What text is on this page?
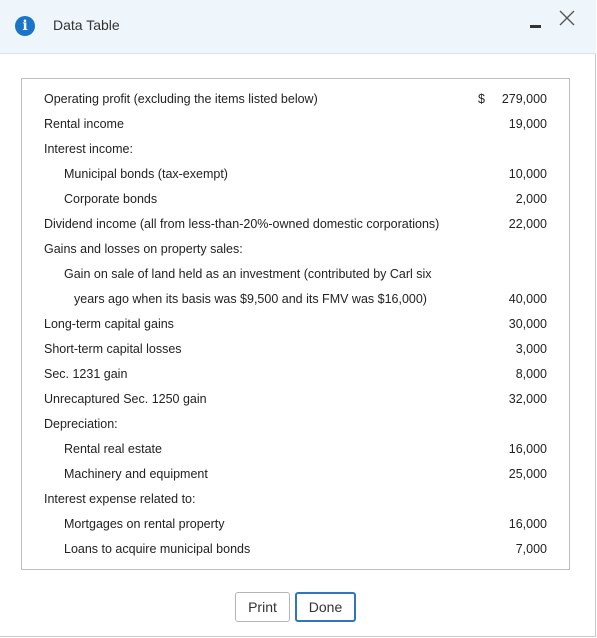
i	Data Table
Operating profit (excluding the items listed below)	$ 279,000
Rental income	19,000
Interest income:
Municipal bonds (tax-exempt)	10,000
Corporate bonds	2,000
Dividend income (all from less-than-20%-owned domestic corporations)	22,000
Gains and losses on property sales:
Gain on sale of land held as an investment (contributed by Carl six
years ago when its basis was $9,500 and its FMV was $16,000)	40,000
Long-term capital gains	30,000
Short-term capital losses	3,000
Sec. 1231 gain	8,000
Unrecaptured Sec. 1250 gain	32,000
Depreciation:
Rental real estate	16,000
Machinery and equipment	25,000
Interest expense related to:
Mortgages on rental property	16,000
Loans to acquire municipal bonds	7,000
Print	Done
